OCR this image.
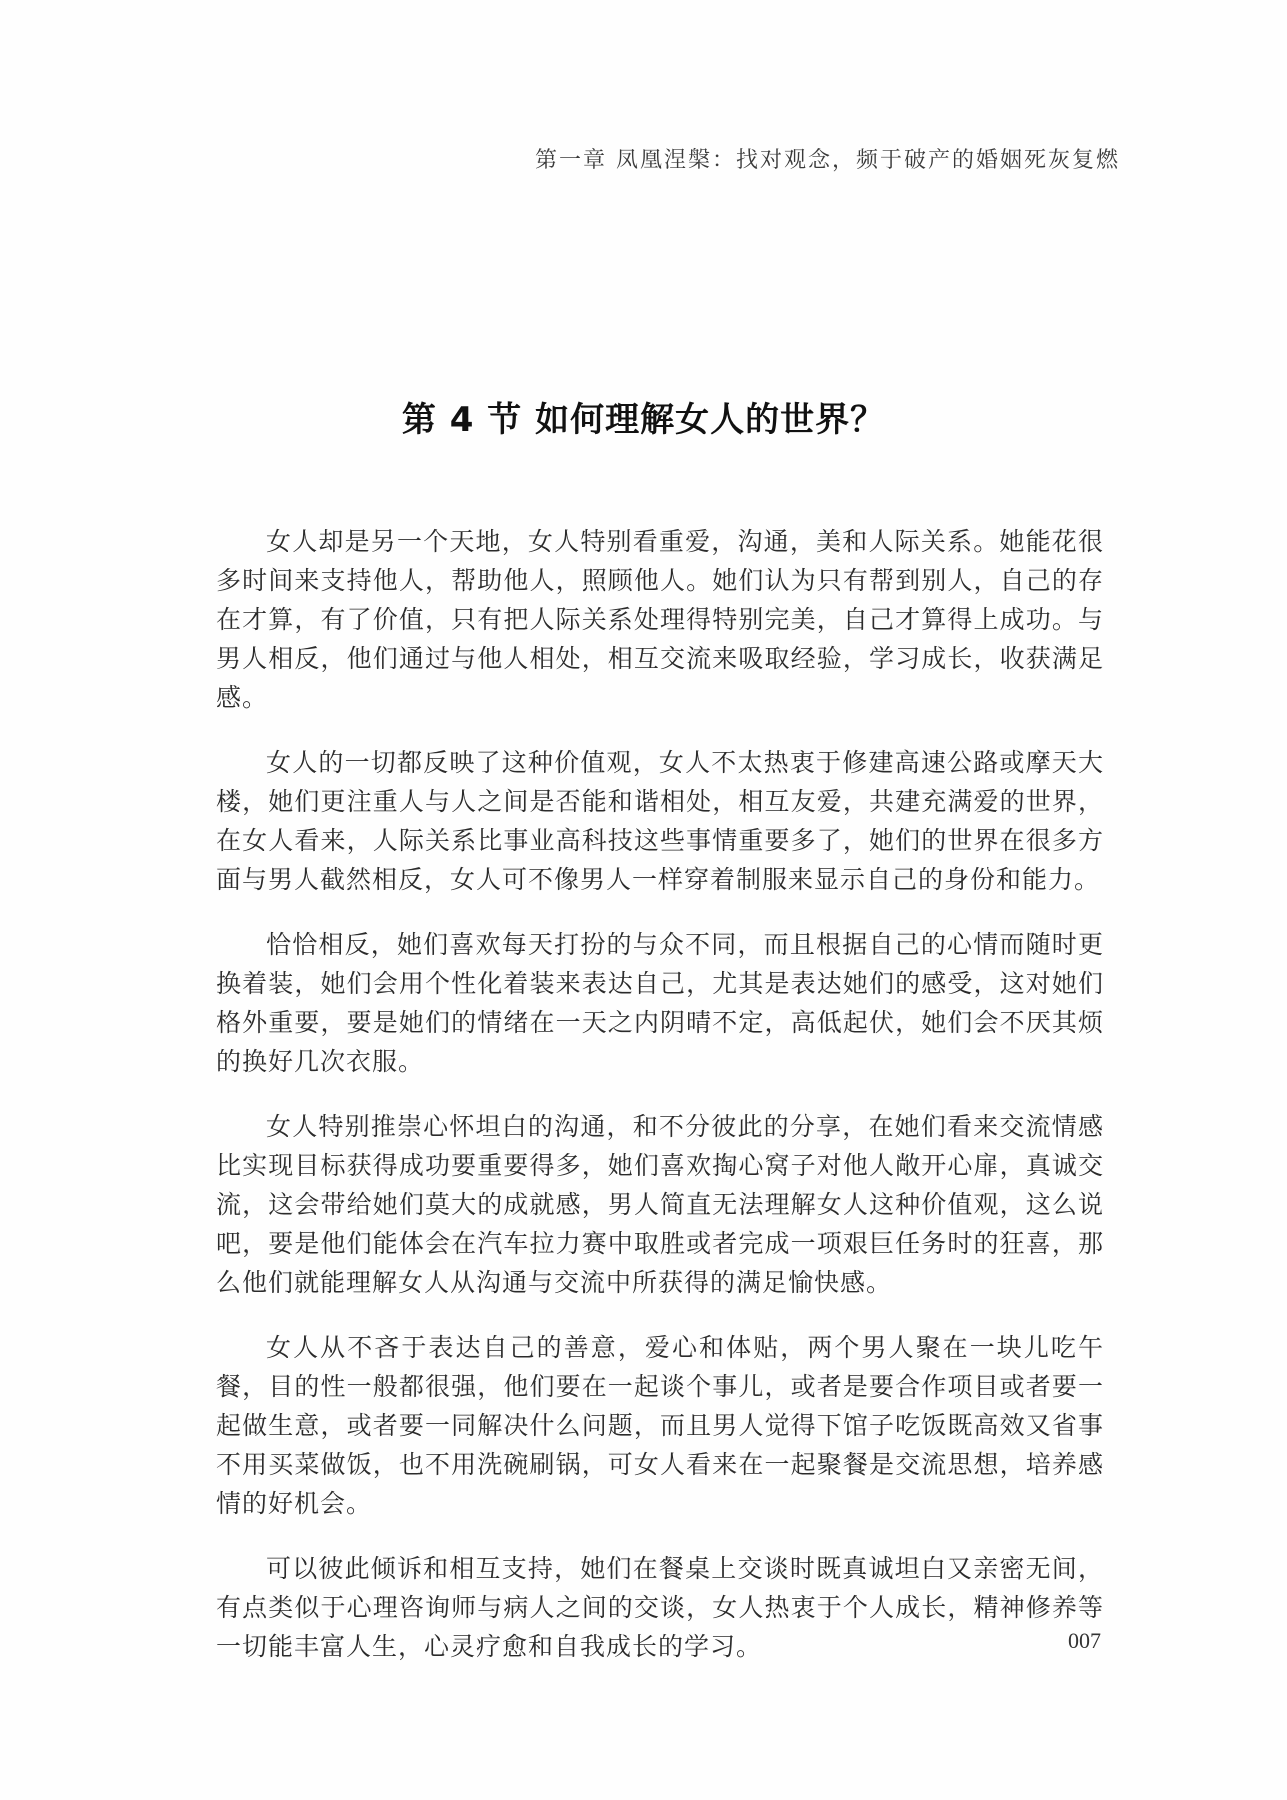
第一章 凤凰涅槃：找对观念，频于破产的婚姻死灰复燃
第 4 节 如何理解女人的世界？

女人却是另一个天地，女人特别看重爱，沟通，美和人际关系。她能花很多时间来支持他人，帮助他人，照顾他人。她们认为只有帮到别人，自己的存在才算，有了价值，只有把人际关系处理得特别完美，自己才算得上成功。与男人相反，他们通过与他人相处，相互交流来吸取经验，学习成长，收获满足感。

女人的一切都反映了这种价值观，女人不太热衷于修建高速公路或摩天大楼，她们更注重人与人之间是否能和谐相处，相互友爱，共建充满爱的世界，在女人看来，人际关系比事业高科技这些事情重要多了，她们的世界在很多方面与男人截然相反，女人可不像男人一样穿着制服来显示自己的身份和能力。

恰恰相反，她们喜欢每天打扮的与众不同，而且根据自己的心情而随时更换着装，她们会用个性化着装来表达自己，尤其是表达她们的感受，这对她们格外重要，要是她们的情绪在一天之内阴晴不定，高低起伏，她们会不厌其烦的换好几次衣服。

女人特别推崇心怀坦白的沟通，和不分彼此的分享，在她们看来交流情感比实现目标获得成功要重要得多，她们喜欢掏心窝子对他人敞开心扉，真诚交流，这会带给她们莫大的成就感，男人简直无法理解女人这种价值观，这么说吧，要是他们能体会在汽车拉力赛中取胜或者完成一项艰巨任务时的狂喜，那么他们就能理解女人从沟通与交流中所获得的满足愉快感。

女人从不吝于表达自己的善意，爱心和体贴，两个男人聚在一块儿吃午餐，目的性一般都很强，他们要在一起谈个事儿，或者是要合作项目或者要一起做生意，或者要一同解决什么问题，而且男人觉得下馆子吃饭既高效又省事不用买菜做饭，也不用洗碗刷锅，可女人看来在一起聚餐是交流思想，培养感情的好机会。

可以彼此倾诉和相互支持，她们在餐桌上交谈时既真诚坦白又亲密无间，有点类似于心理咨询师与病人之间的交谈，女人热衷于个人成长，精神修养等一切能丰富人生，心灵疗愈和自我成长的学习。	007
